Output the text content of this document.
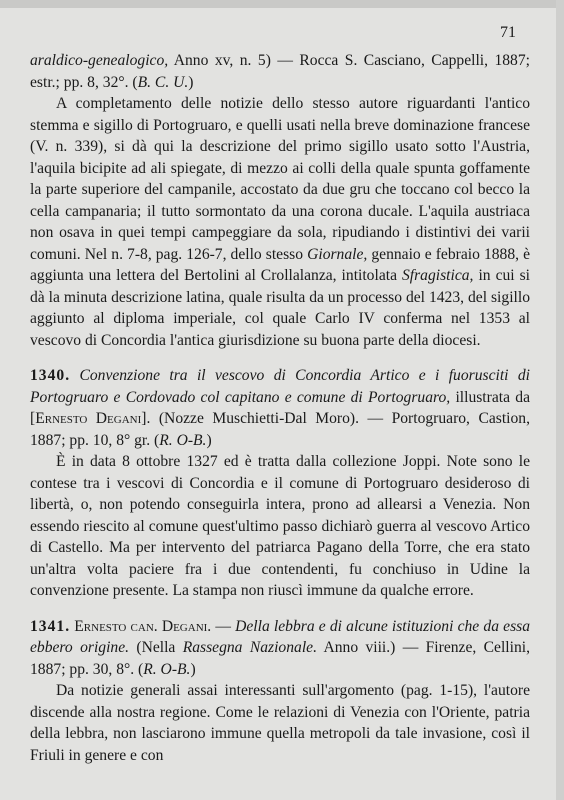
71

araldico-genealogico, Anno xv, n. 5) — Rocca S. Casciano, Cappelli, 1887; estr.; pp. 8, 32°. (B. C. U.)

A completamento delle notizie dello stesso autore riguardanti l'antico stemma e sigillo di Portogruaro, e quelli usati nella breve dominazione francese (V. n. 339), si dà qui la descrizione del primo sigillo usato sotto l'Austria, l'aquila bicipite ad ali spiegate, di mezzo ai colli della quale spunta goffamente la parte superiore del campanile, accostato da due gru che toccano col becco la cella campanaria; il tutto sormontato da una corona ducale. L'aquila austriaca non osava in quei tempi campeggiare da sola, ripudiando i distintivi dei varii comuni. Nel n. 7-8, pag. 126-7, dello stesso Giornale, gennaio e febraio 1888, è aggiunta una lettera del Bertolini al Crollalanza, intitolata Sfragistica, in cui si dà la minuta descrizione latina, quale risulta da un processo del 1423, del sigillo aggiunto al diploma imperiale, col quale Carlo IV conferma nel 1353 al vescovo di Concordia l'antica giurisdizione su buona parte della diocesi.

1340. Convenzione tra il vescovo di Concordia Artico e i fuorusciti di Portogruaro e Cordovado col capitano e comune di Portogruaro, illustrata da [Ernesto Degani]. (Nozze Muschietti-Dal Moro). — Portogruaro, Castion, 1887; pp. 10, 8° gr. (R. O-B.)

È in data 8 ottobre 1327 ed è tratta dalla collezione Joppi. Note sono le contese tra i vescovi di Concordia e il comune di Portogruaro desideroso di libertà, o, non potendo conseguirla intera, prono ad allearsi a Venezia. Non essendo riescito al comune quest'ultimo passo dichiarò guerra al vescovo Artico di Castello. Ma per intervento del patriarca Pagano della Torre, che era stato un'altra volta paciere fra i due contendenti, fu conchiuso in Udine la convenzione presente. La stampa non riuscì immune da qualche errore.

1341. Ernesto can. Degani. — Della lebbra e di alcune istituzioni che da essa ebbero origine. (Nella Rassegna Nazionale. Anno viii.) — Firenze, Cellini, 1887; pp. 30, 8°. (R. O-B.)

Da notizie generali assai interessanti sull'argomento (pag. 1-15), l'autore discende alla nostra regione. Come le relazioni di Venezia con l'Oriente, patria della lebbra, non lasciarono immune quella metropoli da tale invasione, così il Friuli in genere e con
